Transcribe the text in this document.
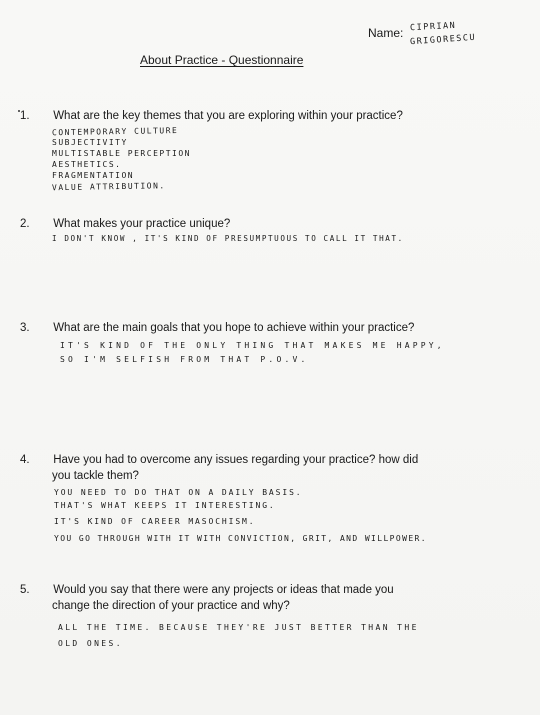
Name: CIPRIAN
GRIGORESCU
About Practice - Questionnaire
1. What are the key themes that you are exploring within your practice?
CONTEMPORARY CULTURE
SUBJECTIVITY
MULTISTABLE PERCEPTION
AESTHETICS.
FRAGMENTATION
VALUE ATTRIBUTION.
2. What makes your practice unique?
I DON'T KNOW , IT'S KIND OF PRESUMPTUOUS TO CALL IT THAT.
3. What are the main goals that you hope to achieve within your practice?
IT'S KIND OF THE ONLY THING THAT MAKES ME HAPPY,
SO I'M SELFISH FROM THAT P.O.V.
4. Have you had to overcome any issues regarding your practice? how did
you tackle them?
YOU NEED TO DO THAT ON A DAILY BASIS.
THAT'S WHAT KEEPS IT INTERESTING.
IT'S KIND OF CAREER MASOCHISM.
YOU GO THROUGH WITH IT WITH CONVICTION, GRIT, AND WILLPOWER.
5. Would you say that there were any projects or ideas that made you
change the direction of your practice and why?
ALL THE TIME. BECAUSE THEY'RE JUST BETTER THAN THE
OLD ONES.
